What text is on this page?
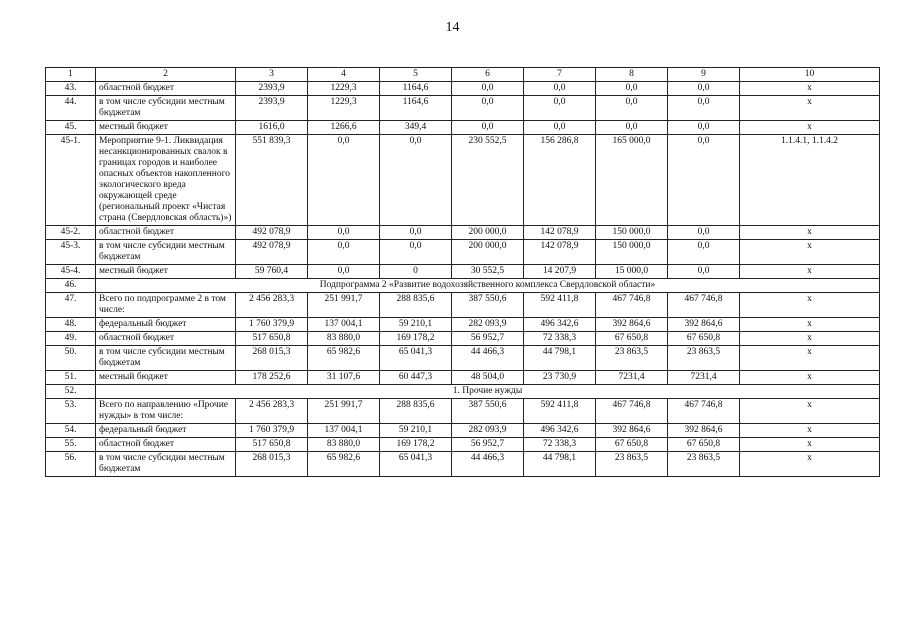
14
1	2	3	4	5	6	7	8	9	10
43.	областной бюджет	2393,9	1229,3	1164,6	0,0	0,0	0,0	0,0	x
44.	в том числе субсидии местным бюджетам	2393,9	1229,3	1164,6	0,0	0,0	0,0	0,0	x
45.	местный бюджет	1616,0	1266,6	349,4	0,0	0,0	0,0	0,0	x
45-1.	Мероприятие 9-1. Ликвидация несанкционированных свалок в границах городов и наиболее опасных объектов накопленного экологического вреда окружающей среде (региональный проект «Чистая страна (Свердловская область)»)	551 839,3	0,0	0,0	230 552,5	156 286,8	165 000,0	0,0	1.1.4.1, 1.1.4.2
45-2.	областной бюджет	492 078,9	0,0	0,0	200 000,0	142 078,9	150 000,0	0,0	x
45-3.	в том числе субсидии местным бюджетам	492 078,9	0,0	0,0	200 000,0	142 078,9	150 000,0	0,0	x
45-4.	местный бюджет	59 760,4	0,0	0	30 552,5	14 207,9	15 000,0	0,0	x
46.	Подпрограмма 2 «Развитие водохозяйственного комплекса Свердловской области»								
47.	Всего по подпрограмме 2 в том числе:	2 456 283,3	251 991,7	288 835,6	387 550,6	592 411,8	467 746,8	467 746,8	x
48.	федеральный бюджет	1 760 379,9	137 004,1	59 210,1	282 093,9	496 342,6	392 864,6	392 864,6	x
49.	областной бюджет	517 650,8	83 880,0	169 178,2	56 952,7	72 338,3	67 650,8	67 650,8	x
50.	в том числе субсидии местным бюджетам	268 015,3	65 982,6	65 041,3	44 466,3	44 798,1	23 863,5	23 863,5	x
51.	местный бюджет	178 252,6	31 107,6	60 447,3	48 504,0	23 730,9	7231,4	7231,4	x
52.	1. Прочие нужды								
53.	Всего по направлению «Прочие нужды» в том числе:	2 456 283,3	251 991,7	288 835,6	387 550,6	592 411,8	467 746,8	467 746,8	x
54.	федеральный бюджет	1 760 379,9	137 004,1	59 210,1	282 093,9	496 342,6	392 864,6	392 864,6	x
55.	областной бюджет	517 650,8	83 880,0	169 178,2	56 952,7	72 338,3	67 650,8	67 650,8	x
56.	в том числе субсидии местным бюджетам	268 015,3	65 982,6	65 041,3	44 466,3	44 798,1	23 863,5	23 863,5	x
